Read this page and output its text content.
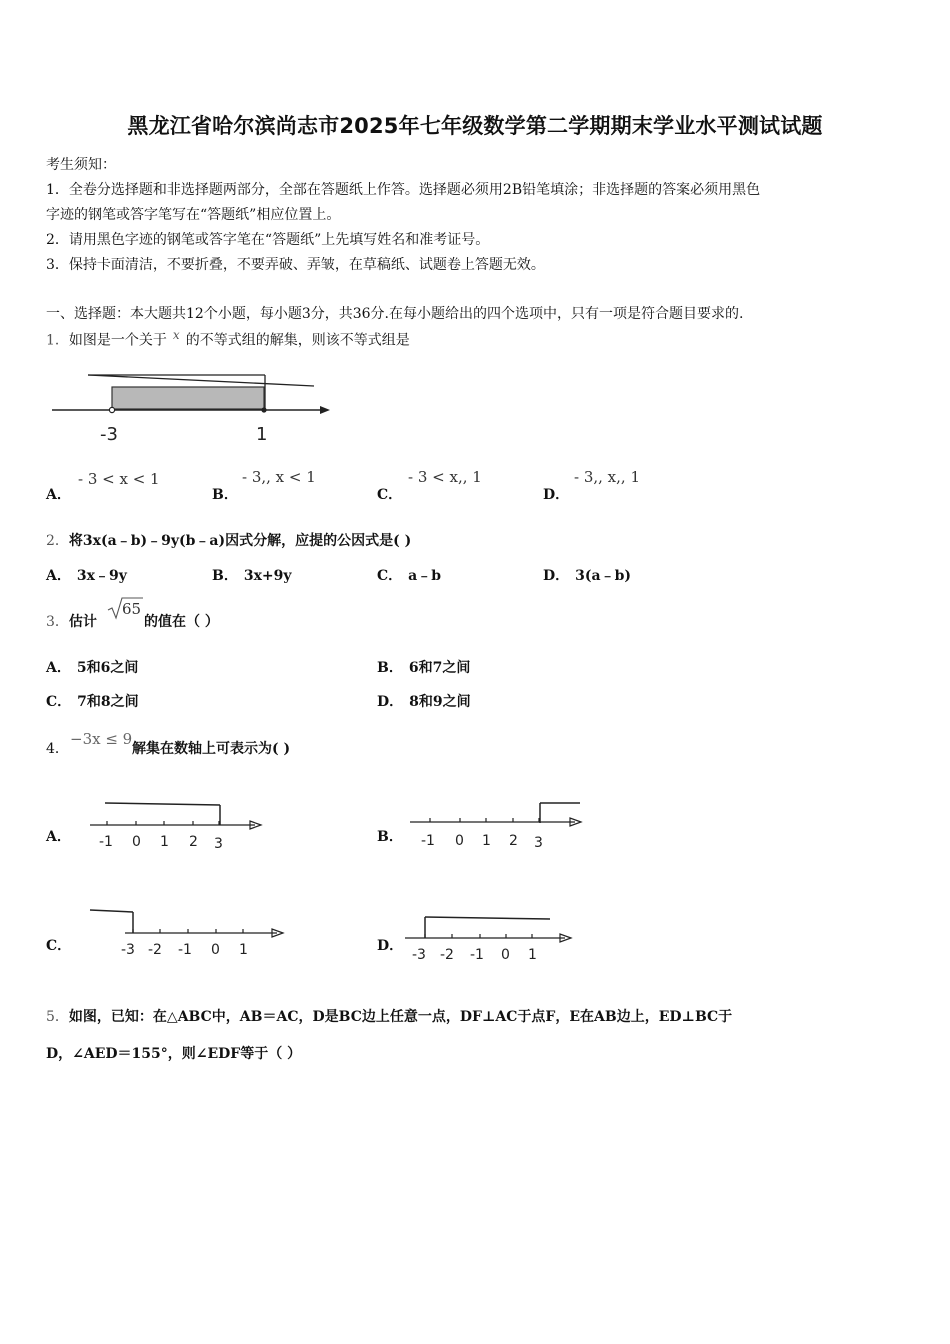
黑龙江省哈尔滨尚志市2025年七年级数学第二学期期末学业水平测试试题
考生须知：
1．全卷分选择题和非选择题两部分，全部在答题纸上作答。选择题必须用2B铅笔填涂；非选择题的答案必须用黑色
字迹的钢笔或答字笔写在“答题纸”相应位置上。
2．请用黑色字迹的钢笔或答字笔在“答题纸”上先填写姓名和准考证号。
3．保持卡面清洁，不要折叠，不要弄破、弄皱，在草稿纸、试题卷上答题无效。
一、选择题：本大题共12个小题，每小题3分，共36分.在每小题给出的四个选项中，只有一项是符合题目要求的.
1．如图是一个关于 $^x$ 的不等式组的解集，则该不等式组是
-3	1
A．
- 3 < x < 1
B．
- 3,, x < 1
C．
- 3 < x,, 1
D．
- 3,, x,, 1
2．将3x(a﹣b)﹣9y(b﹣a)因式分解，应提的公因式是( )
A． 3x﹣9y	B． 3x+9y	C． a﹣b	D． 3(a﹣b)
3．估计
65
的值在（ ）
A． 5和6之间	B． 6和7之间
C． 7和8之间	D． 8和9之间
4．
−3x ≤ 9
解集在数轴上可表示为( )
A． -1 0 1 2 3	B． -1 0 1 2 3
C．	-3 -2 -1 0 1	D．
-3 -2 -1 0 1
5．如图，已知：在△ABC中，AB＝AC，D是BC边上任意一点，DF⊥AC于点F，E在AB边上，ED⊥BC于
D，∠AED＝155°，则∠EDF等于（ ）
